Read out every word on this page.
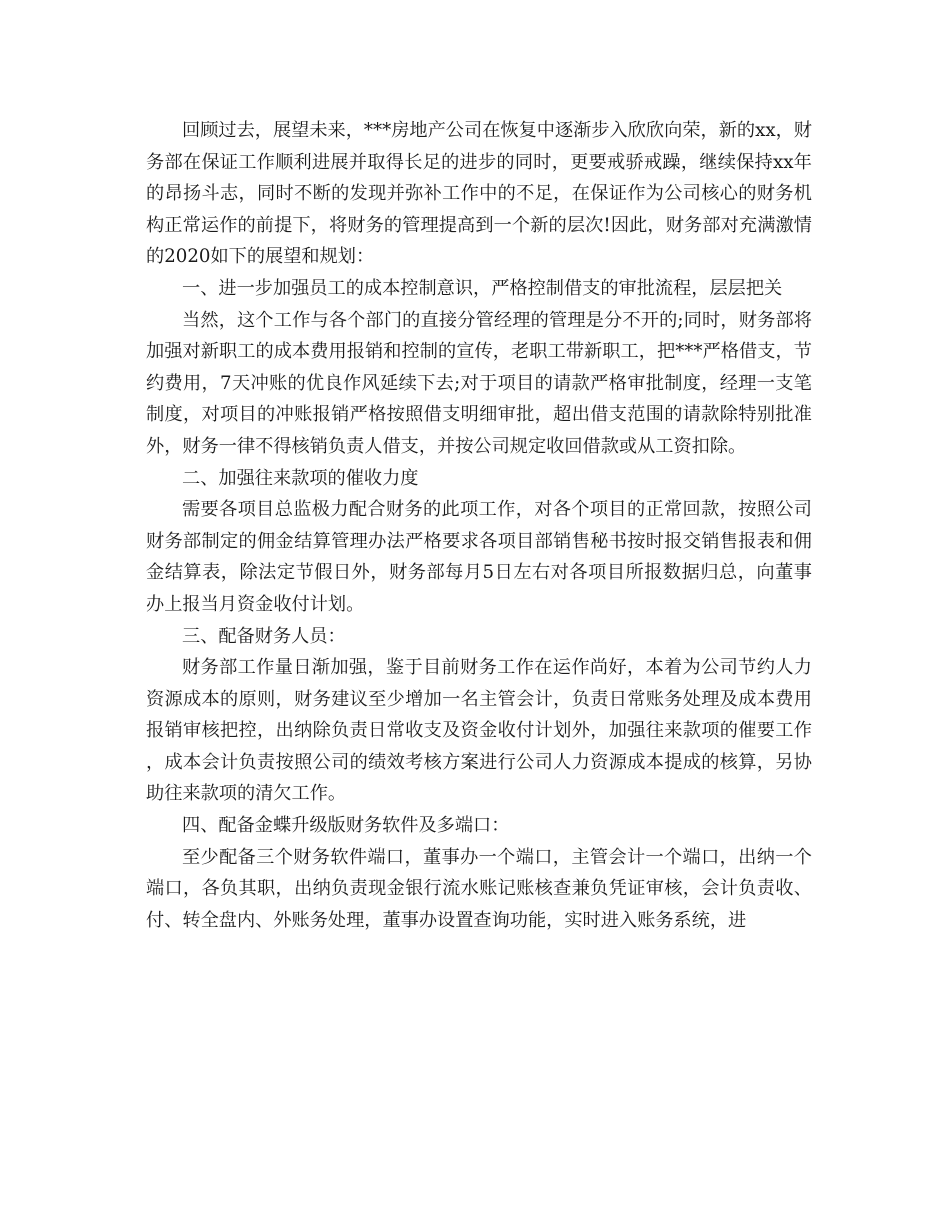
回顾过去，展望未来，***房地产公司在恢复中逐渐步入欣欣向荣，新的xx，财务部在保证工作顺利进展并取得长足的进步的同时，更要戒骄戒躁，继续保持xx年的昂扬斗志，同时不断的发现并弥补工作中的不足，在保证作为公司核心的财务机构正常运作的前提下，将财务的管理提高到一个新的层次!因此，财务部对充满激情的2020如下的展望和规划：

一、进一步加强员工的成本控制意识，严格控制借支的审批流程，层层把关

当然，这个工作与各个部门的直接分管经理的管理是分不开的;同时，财务部将加强对新职工的成本费用报销和控制的宣传，老职工带新职工，把***严格借支，节约费用，7天冲账的优良作风延续下去;对于项目的请款严格审批制度，经理一支笔制度，对项目的冲账报销严格按照借支明细审批，超出借支范围的请款除特别批准外，财务一律不得核销负责人借支，并按公司规定收回借款或从工资扣除。

二、加强往来款项的催收力度

需要各项目总监极力配合财务的此项工作，对各个项目的正常回款，按照公司财务部制定的佣金结算管理办法严格要求各项目部销售秘书按时报交销售报表和佣金结算表，除法定节假日外，财务部每月5日左右对各项目所报数据归总，向董事办上报当月资金收付计划。

三、配备财务人员：

财务部工作量日渐加强，鉴于目前财务工作在运作尚好，本着为公司节约人力资源成本的原则，财务建议至少增加一名主管会计，负责日常账务处理及成本费用报销审核把控，出纳除负责日常收支及资金收付计划外，加强往来款项的催要工作，成本会计负责按照公司的绩效考核方案进行公司人力资源成本提成的核算，另协助往来款项的清欠工作。

四、配备金蝶升级版财务软件及多端口：

至少配备三个财务软件端口，董事办一个端口，主管会计一个端口，出纳一个端口，各负其职，出纳负责现金银行流水账记账核查兼负凭证审核，会计负责收、付、转全盘内、外账务处理，董事办设置查询功能，实时进入账务系统，进
